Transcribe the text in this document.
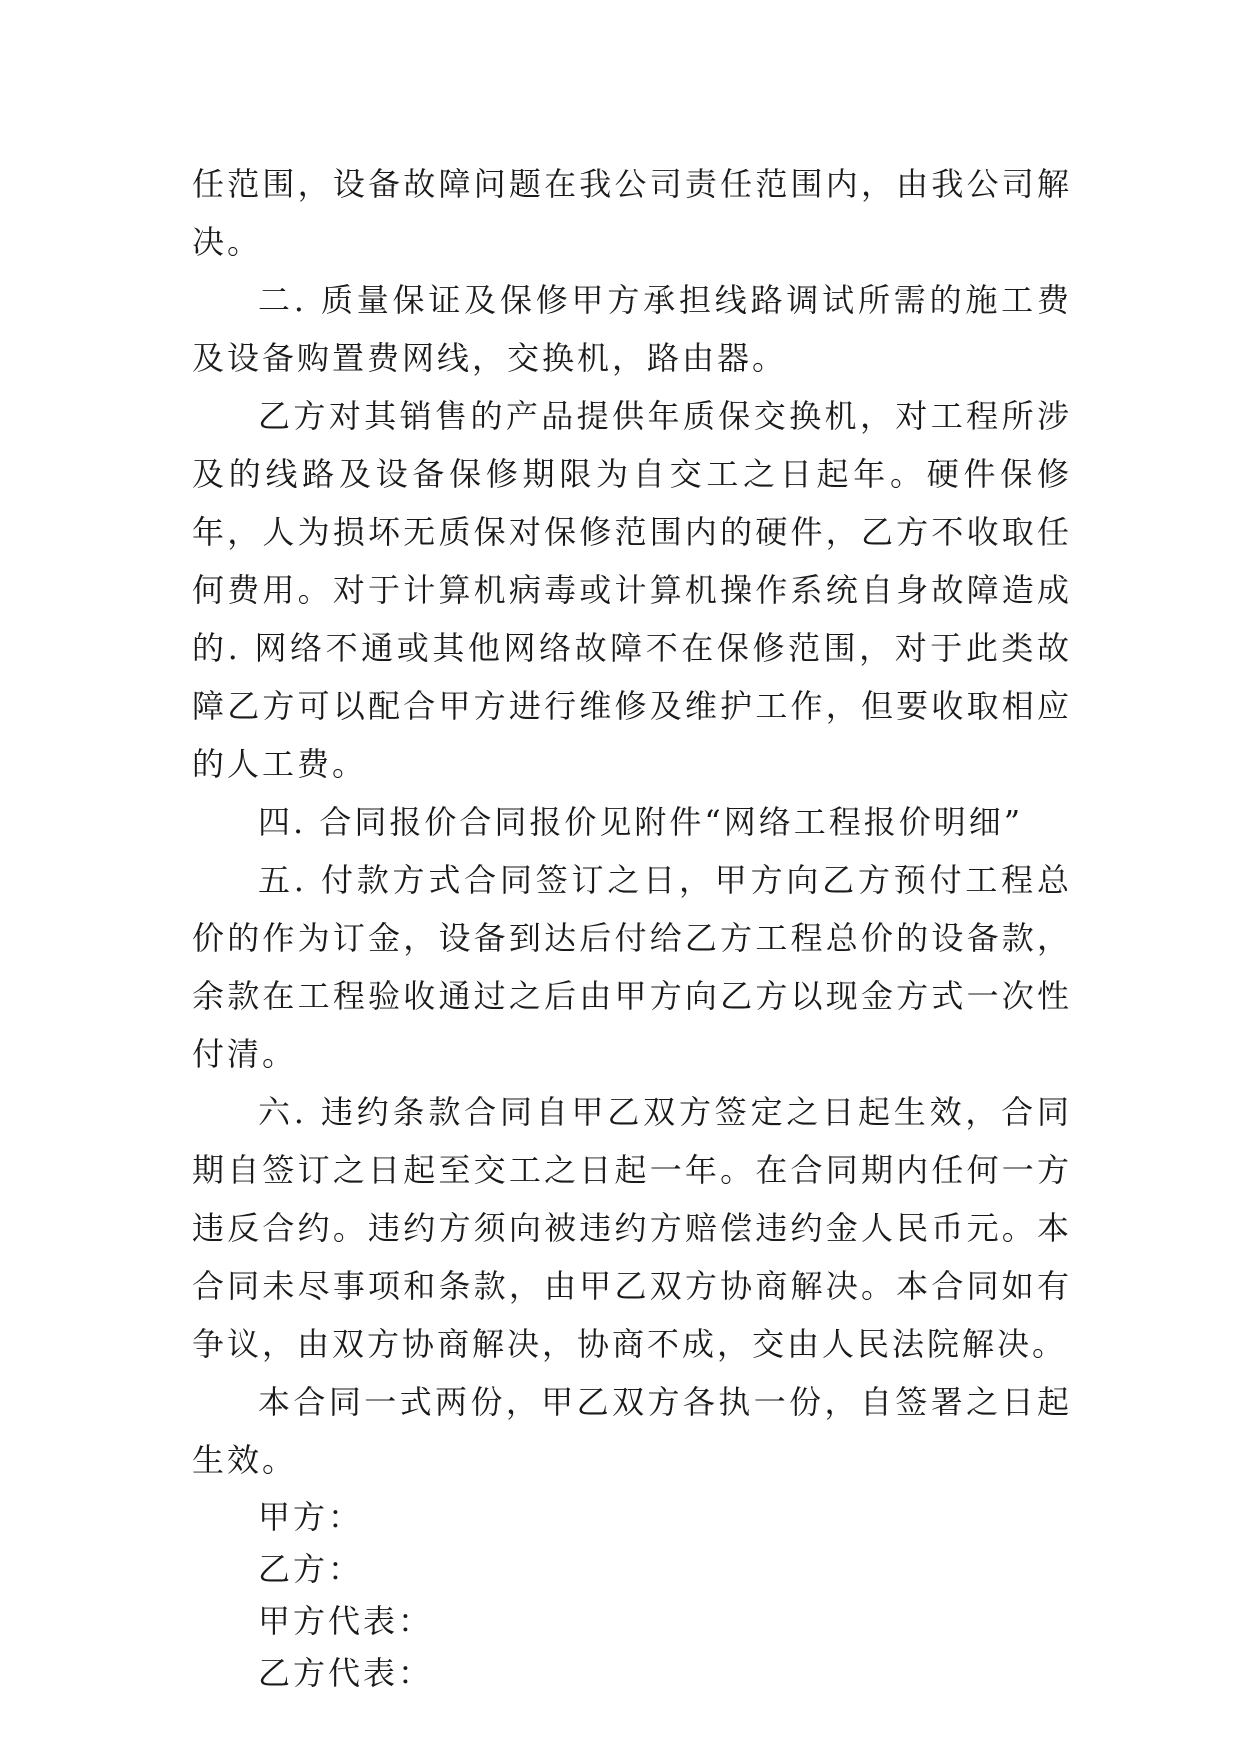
任范围，设备故障问题在我公司责任范围内，由我公司解决。

二. 质量保证及保修甲方承担线路调试所需的施工费及设备购置费网线，交换机，路由器。

乙方对其销售的产品提供年质保交换机，对工程所涉及的线路及设备保修期限为自交工之日起年。硬件保修年，人为损坏无质保对保修范围内的硬件，乙方不收取任何费用。对于计算机病毒或计算机操作系统自身故障造成的. 网络不通或其他网络故障不在保修范围，对于此类故障乙方可以配合甲方进行维修及维护工作，但要收取相应的人工费。

四. 合同报价合同报价见附件“网络工程报价明细”

五. 付款方式合同签订之日，甲方向乙方预付工程总价的作为订金，设备到达后付给乙方工程总价的设备款，余款在工程验收通过之后由甲方向乙方以现金方式一次性付清。

六. 违约条款合同自甲乙双方签定之日起生效，合同期自签订之日起至交工之日起一年。在合同期内任何一方违反合约。违约方须向被违约方赔偿违约金人民币元。本合同未尽事项和条款，由甲乙双方协商解决。本合同如有争议，由双方协商解决，协商不成，交由人民法院解决。

本合同一式两份，甲乙双方各执一份，自签署之日起生效。

甲方：

乙方：

甲方代表：

乙方代表：
